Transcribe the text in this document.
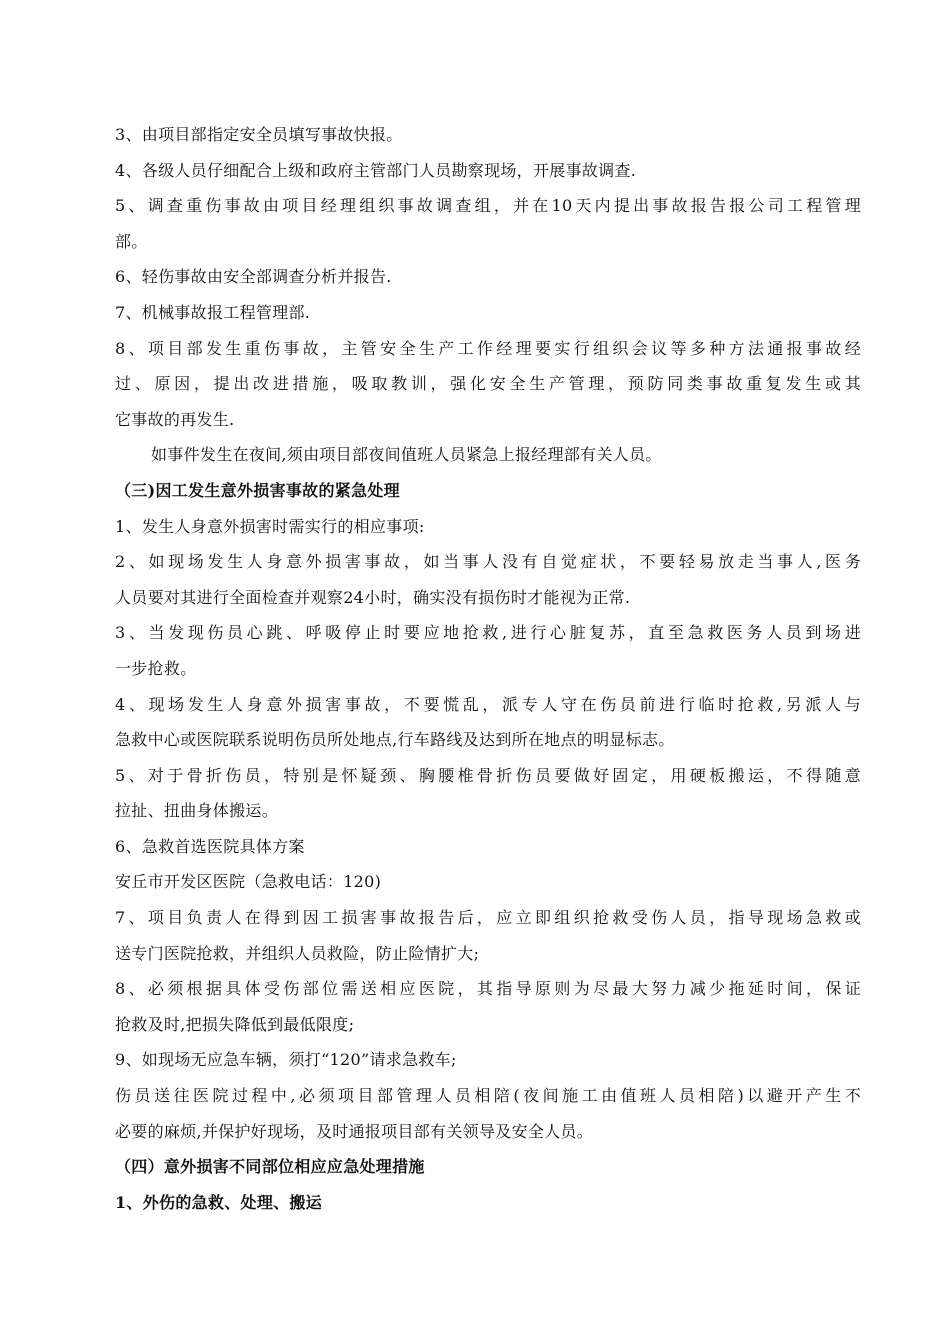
3、由项目部指定安全员填写事故快报。
4、各级人员仔细配合上级和政府主管部门人员勘察现场，开展事故调查.
5、调查重伤事故由项目经理组织事故调查组，并在10天内提出事故报告报公司工程管理
部。
6、轻伤事故由安全部调查分析并报告.
7、机械事故报工程管理部.
8、项目部发生重伤事故，主管安全生产工作经理要实行组织会议等多种方法通报事故经
过、原因，提出改进措施，吸取教训，强化安全生产管理，预防同类事故重复发生或其
它事故的再发生.
如事件发生在夜间,须由项目部夜间值班人员紧急上报经理部有关人员。
（三)因工发生意外损害事故的紧急处理
1、发生人身意外损害时需实行的相应事项:
2、如现场发生人身意外损害事故，如当事人没有自觉症状，不要轻易放走当事人,医务
人员要对其进行全面检查并观察24小时，确实没有损伤时才能视为正常.
3、当发现伤员心跳、呼吸停止时要应地抢救,进行心脏复苏，直至急救医务人员到场进
一步抢救。
4、现场发生人身意外损害事故，不要慌乱，派专人守在伤员前进行临时抢救,另派人与
急救中心或医院联系说明伤员所处地点,行车路线及达到所在地点的明显标志。
5、对于骨折伤员，特别是怀疑颈、胸腰椎骨折伤员要做好固定，用硬板搬运，不得随意
拉扯、扭曲身体搬运。
6、急救首选医院具体方案
安丘市开发区医院（急救电话：120)
7、项目负责人在得到因工损害事故报告后，应立即组织抢救受伤人员，指导现场急救或
送专门医院抢救，并组织人员救险，防止险情扩大;
8、必须根据具体受伤部位需送相应医院，其指导原则为尽最大努力减少拖延时间，保证
抢救及时,把损失降低到最低限度;
9、如现场无应急车辆，须打“120”请求急救车;
伤员送往医院过程中,必须项目部管理人员相陪(夜间施工由值班人员相陪)以避开产生不
必要的麻烦,并保护好现场，及时通报项目部有关领导及安全人员。
（四）意外损害不同部位相应应急处理措施
1、外伤的急救、处理、搬运
